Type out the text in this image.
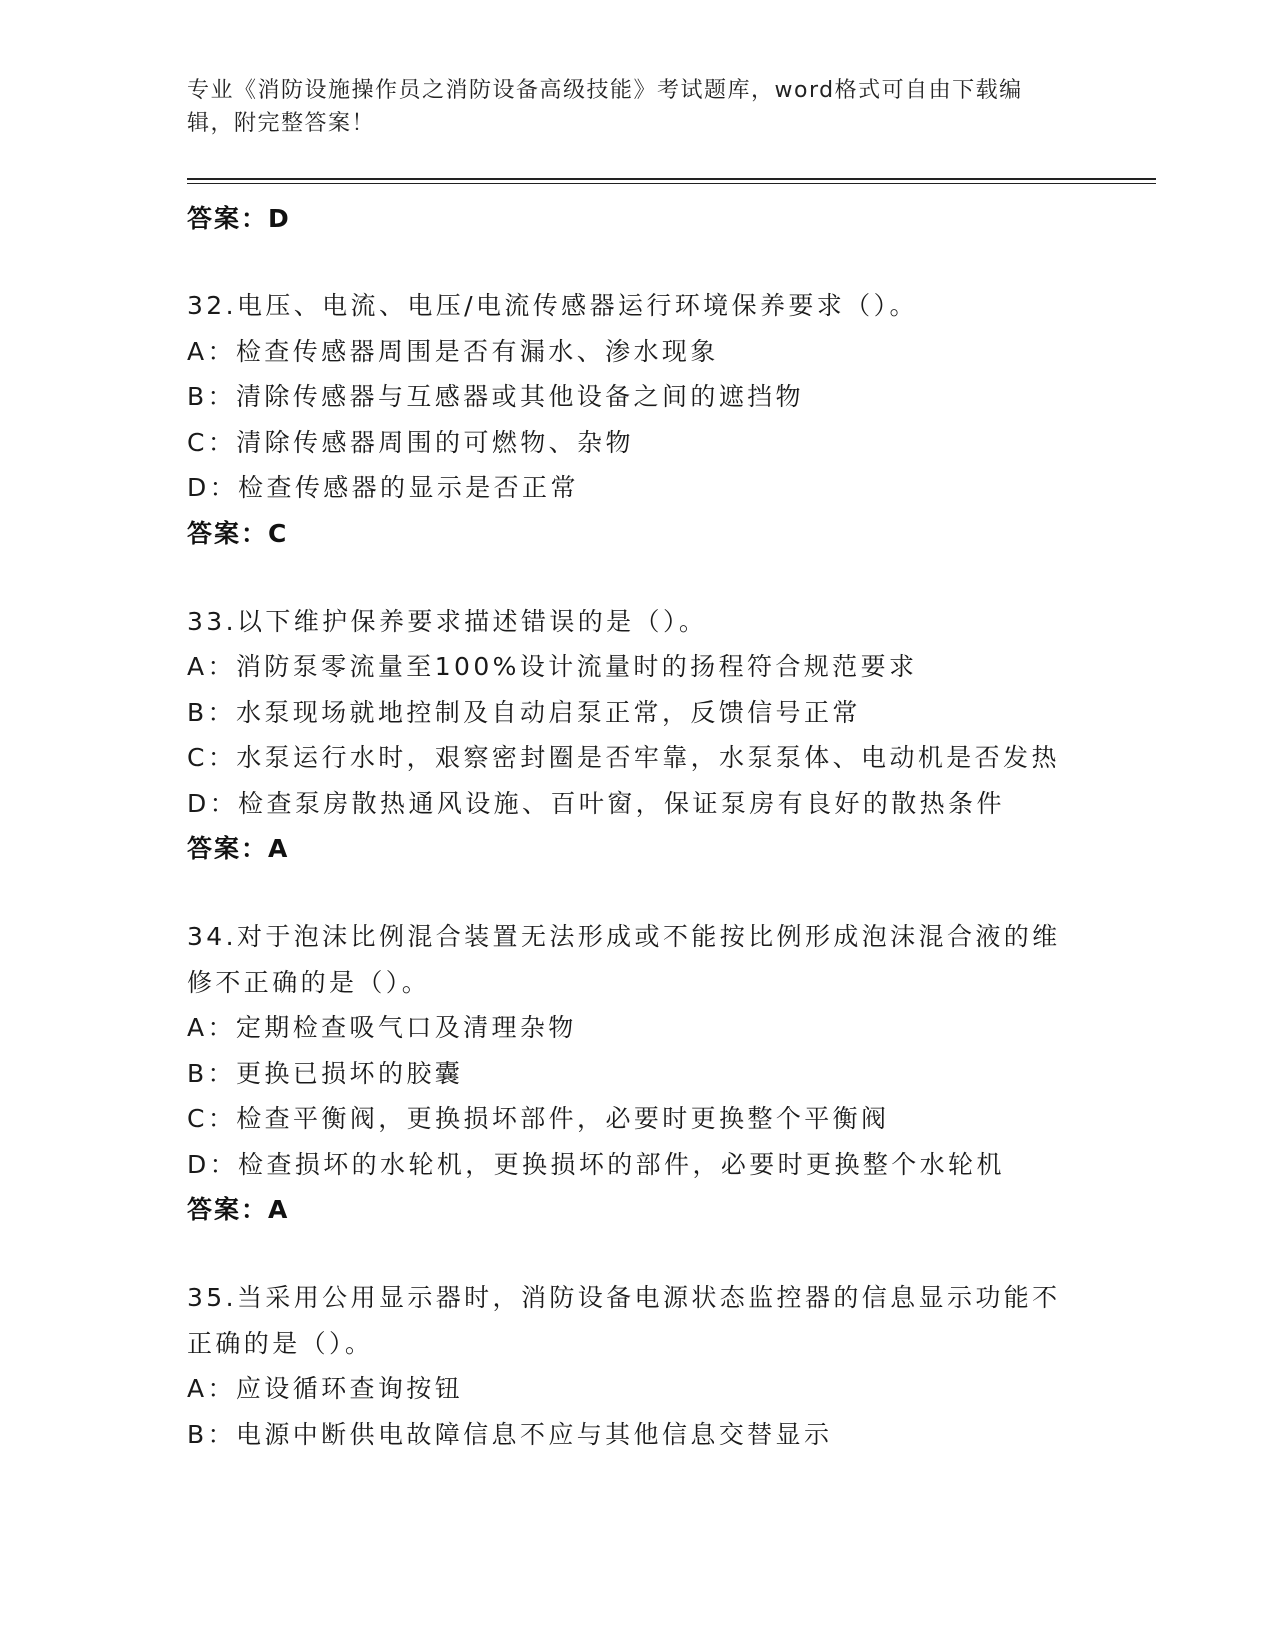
专业《消防设施操作员之消防设备高级技能》考试题库，word格式可自由下载编
辑，附完整答案！
答案：D
32.电压、电流、电压/电流传感器运行环境保养要求（）。
A：检查传感器周围是否有漏水、渗水现象
B：清除传感器与互感器或其他设备之间的遮挡物
C：清除传感器周围的可燃物、杂物
D：检查传感器的显示是否正常
答案：C
33.以下维护保养要求描述错误的是（）。
A：消防泵零流量至100%设计流量时的扬程符合规范要求
B：水泵现场就地控制及自动启泵正常，反馈信号正常
C：水泵运行水时，艰察密封圈是否牢靠，水泵泵体、电动机是否发热
D：检查泵房散热通风设施、百叶窗，保证泵房有良好的散热条件
答案：A
34.对于泡沫比例混合装置无法形成或不能按比例形成泡沫混合液的维
修不正确的是（）。
A：定期检查吸气口及清理杂物
B：更换已损坏的胶囊
C：检查平衡阀，更换损坏部件，必要时更换整个平衡阀
D：检查损坏的水轮机，更换损坏的部件，必要时更换整个水轮机
答案：A
35.当采用公用显示器时，消防设备电源状态监控器的信息显示功能不
正确的是（）。
A：应设循环查询按钮
B：电源中断供电故障信息不应与其他信息交替显示
